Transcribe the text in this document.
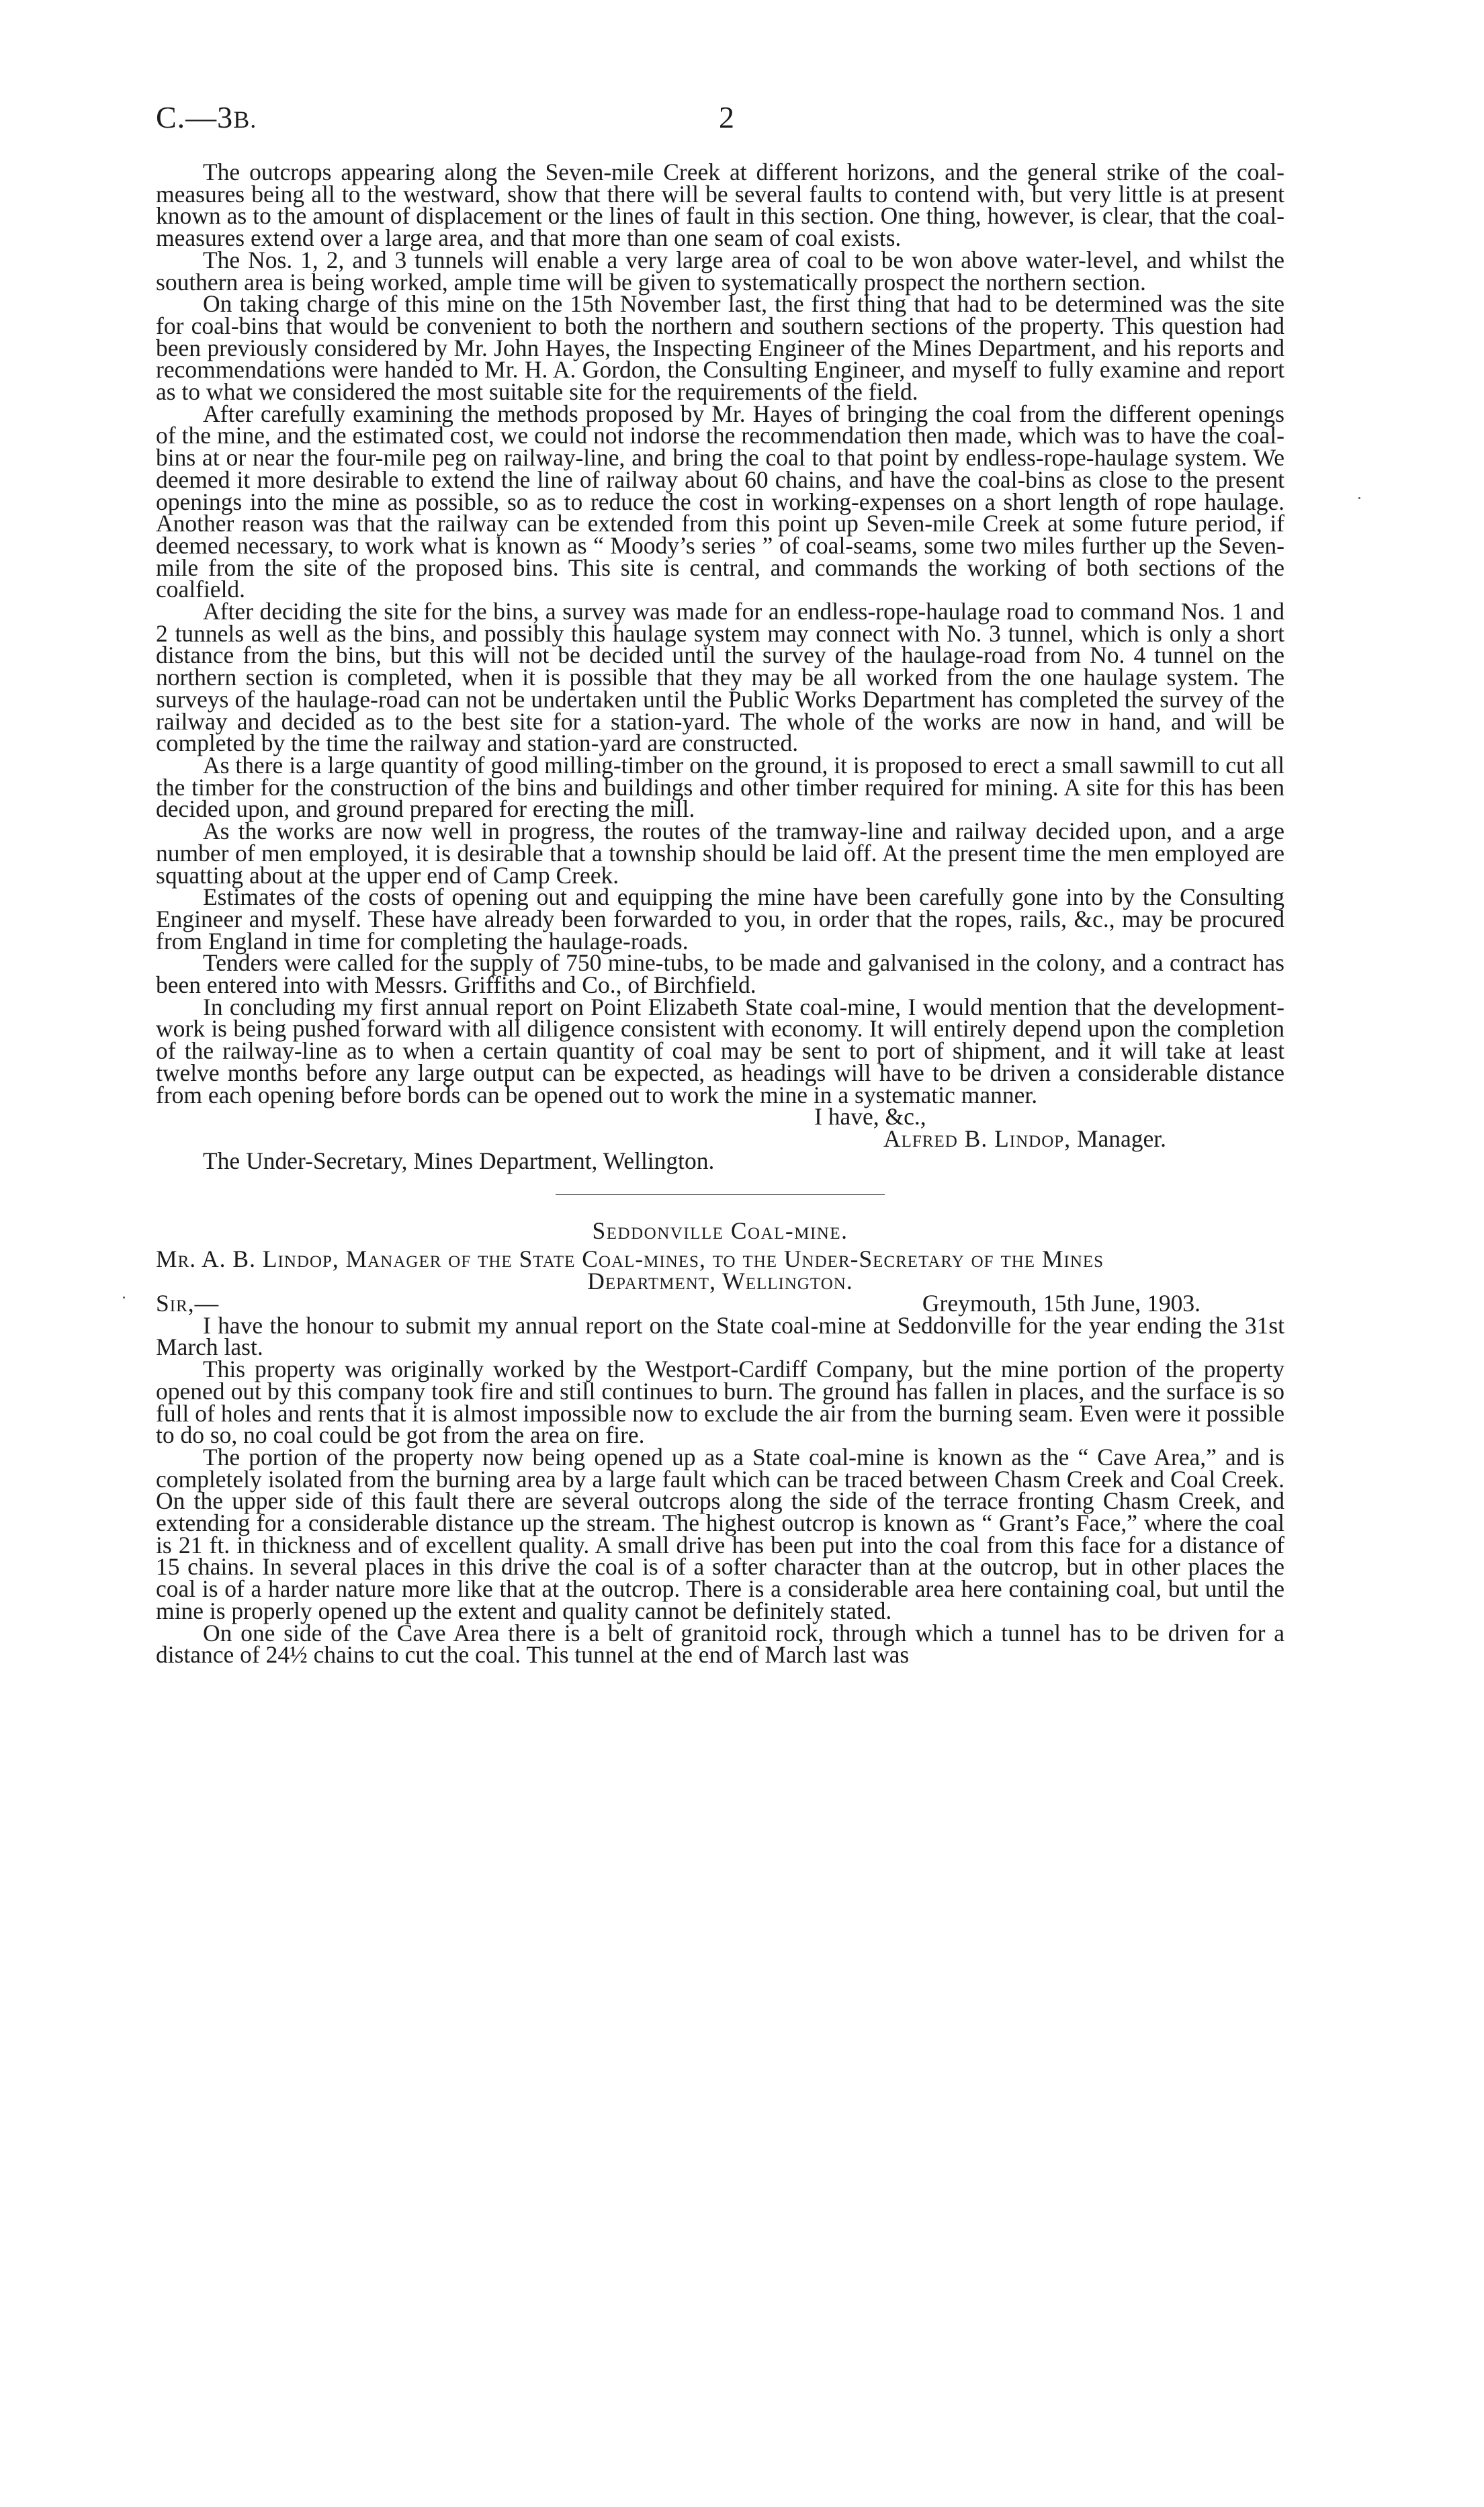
C.—3B.	2

The outcrops appearing along the Seven-mile Creek at different horizons, and the general strike of the coal-measures being all to the westward, show that there will be several faults to contend with, but very little is at present known as to the amount of displacement or the lines of fault in this section. One thing, however, is clear, that the coal-measures extend over a large area, and that more than one seam of coal exists.

The Nos. 1, 2, and 3 tunnels will enable a very large area of coal to be won above water-level, and whilst the southern area is being worked, ample time will be given to systematically prospect the northern section.

On taking charge of this mine on the 15th November last, the first thing that had to be determined was the site for coal-bins that would be convenient to both the northern and southern sections of the property. This question had been previously considered by Mr. John Hayes, the Inspecting Engineer of the Mines Department, and his reports and recommendations were handed to Mr. H. A. Gordon, the Consulting Engineer, and myself to fully examine and report as to what we considered the most suitable site for the requirements of the field.

After carefully examining the methods proposed by Mr. Hayes of bringing the coal from the different openings of the mine, and the estimated cost, we could not indorse the recommendation then made, which was to have the coal-bins at or near the four-mile peg on railway-line, and bring the coal to that point by endless-rope-haulage system. We deemed it more desirable to extend the line of railway about 60 chains, and have the coal-bins as close to the present openings into the mine as possible, so as to reduce the cost in working-expenses on a short length of rope haulage. Another reason was that the railway can be extended from this point up Seven-mile Creek at some future period, if deemed necessary, to work what is known as “ Moody’s series ” of coal-seams, some two miles further up the Seven-mile from the site of the proposed bins. This site is central, and commands the working of both sections of the coalfield.

After deciding the site for the bins, a survey was made for an endless-rope-haulage road to command Nos. 1 and 2 tunnels as well as the bins, and possibly this haulage system may connect with No. 3 tunnel, which is only a short distance from the bins, but this will not be decided until the survey of the haulage-road from No. 4 tunnel on the northern section is completed, when it is possible that they may be all worked from the one haulage system. The surveys of the haulage-road can not be undertaken until the Public Works Department has completed the survey of the railway and decided as to the best site for a station-yard. The whole of the works are now in hand, and will be completed by the time the railway and station-yard are constructed.

As there is a large quantity of good milling-timber on the ground, it is proposed to erect a small sawmill to cut all the timber for the construction of the bins and buildings and other timber required for mining. A site for this has been decided upon, and ground prepared for erecting the mill.

As the works are now well in progress, the routes of the tramway-line and railway decided upon, and a arge number of men employed, it is desirable that a township should be laid off. At the present time the men employed are squatting about at the upper end of Camp Creek.

Estimates of the costs of opening out and equipping the mine have been carefully gone into by the Consulting Engineer and myself. These have already been forwarded to you, in order that the ropes, rails, &c., may be procured from England in time for completing the haulage-roads.

Tenders were called for the supply of 750 mine-tubs, to be made and galvanised in the colony, and a contract has been entered into with Messrs. Griffiths and Co., of Birchfield.

In concluding my first annual report on Point Elizabeth State coal-mine, I would mention that the development-work is being pushed forward with all diligence consistent with economy. It will entirely depend upon the completion of the railway-line as to when a certain quantity of coal may be sent to port of shipment, and it will take at least twelve months before any large output can be expected, as headings will have to be driven a considerable distance from each opening before bords can be opened out to work the mine in a systematic manner.

I have, &c.,
Alfred B. Lindop, Manager.
The Under-Secretary, Mines Department, Wellington.
Seddonville Coal-mine.
Mr. A. B. Lindop, Manager of the State Coal-mines, to the Under-Secretary of the Mines
Department, Wellington.
Sir,—	Greymouth, 15th June, 1903.

I have the honour to submit my annual report on the State coal-mine at Seddonville for the year ending the 31st March last.

This property was originally worked by the Westport-Cardiff Company, but the mine portion of the property opened out by this company took fire and still continues to burn. The ground has fallen in places, and the surface is so full of holes and rents that it is almost impossible now to exclude the air from the burning seam. Even were it possible to do so, no coal could be got from the area on fire.

The portion of the property now being opened up as a State coal-mine is known as the “ Cave Area,” and is completely isolated from the burning area by a large fault which can be traced between Chasm Creek and Coal Creek. On the upper side of this fault there are several outcrops along the side of the terrace fronting Chasm Creek, and extending for a considerable distance up the stream. The highest outcrop is known as “ Grant’s Face,” where the coal is 21 ft. in thickness and of excellent quality. A small drive has been put into the coal from this face for a distance of 15 chains. In several places in this drive the coal is of a softer character than at the outcrop, but in other places the coal is of a harder nature more like that at the outcrop. There is a considerable area here containing coal, but until the mine is properly opened up the extent and quality cannot be definitely stated.

On one side of the Cave Area there is a belt of granitoid rock, through which a tunnel has to be driven for a distance of 24½ chains to cut the coal. This tunnel at the end of March last was
